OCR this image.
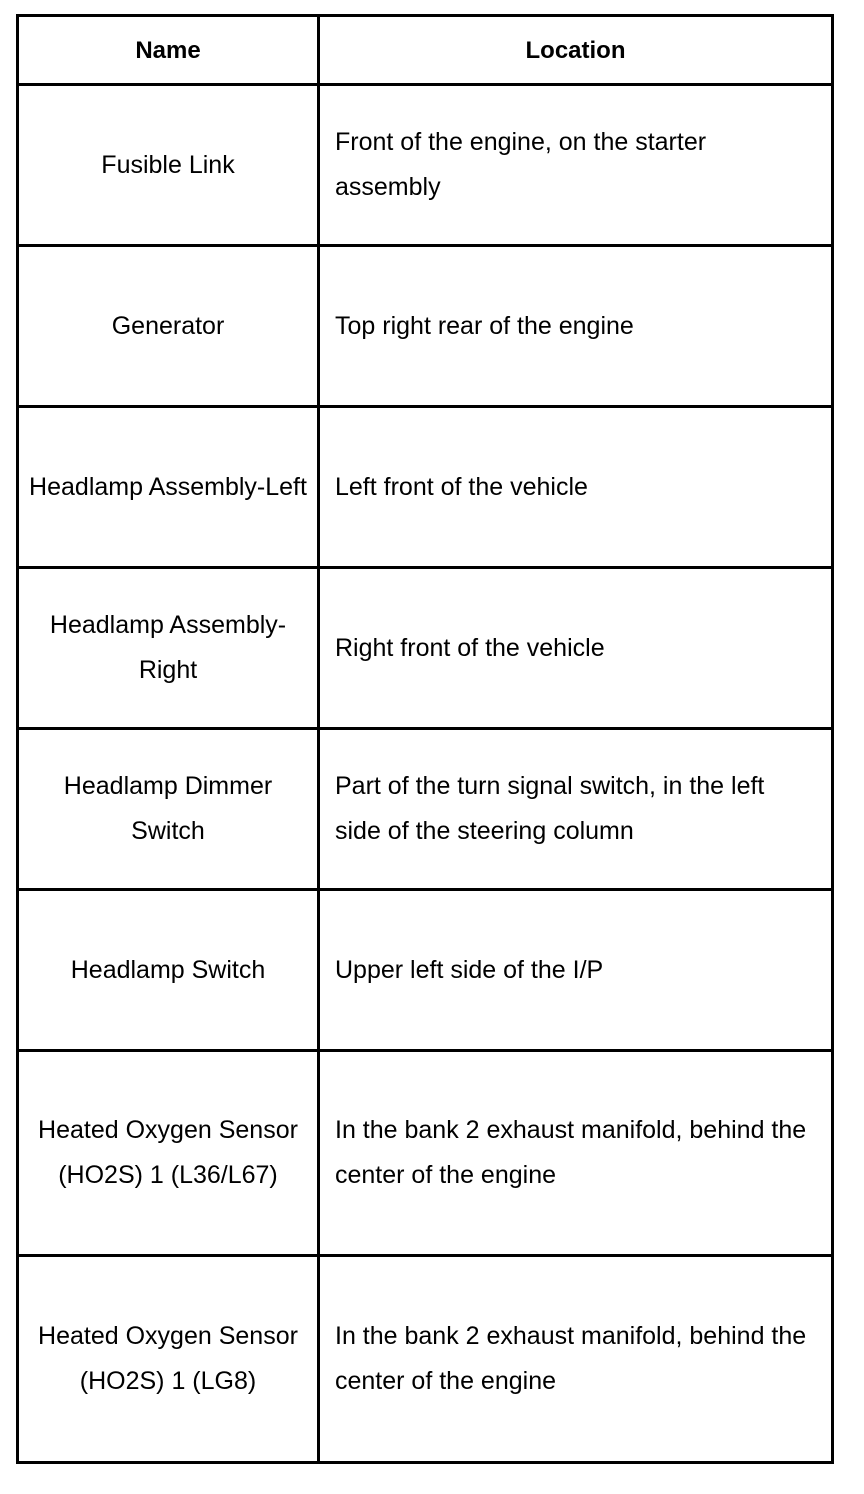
Name	Location
Fusible Link	Front of the engine, on the starter assembly
Generator	Top right rear of the engine
Headlamp Assembly-Left	Left front of the vehicle
Headlamp Assembly-Right	Right front of the vehicle
Headlamp Dimmer Switch	Part of the turn signal switch, in the left side of the steering column
Headlamp Switch	Upper left side of the I/P
Heated Oxygen Sensor (HO2S) 1 (L36/L67)	In the bank 2 exhaust manifold, behind the center of the engine
Heated Oxygen Sensor (HO2S) 1 (LG8)	In the bank 2 exhaust manifold, behind the center of the engine
